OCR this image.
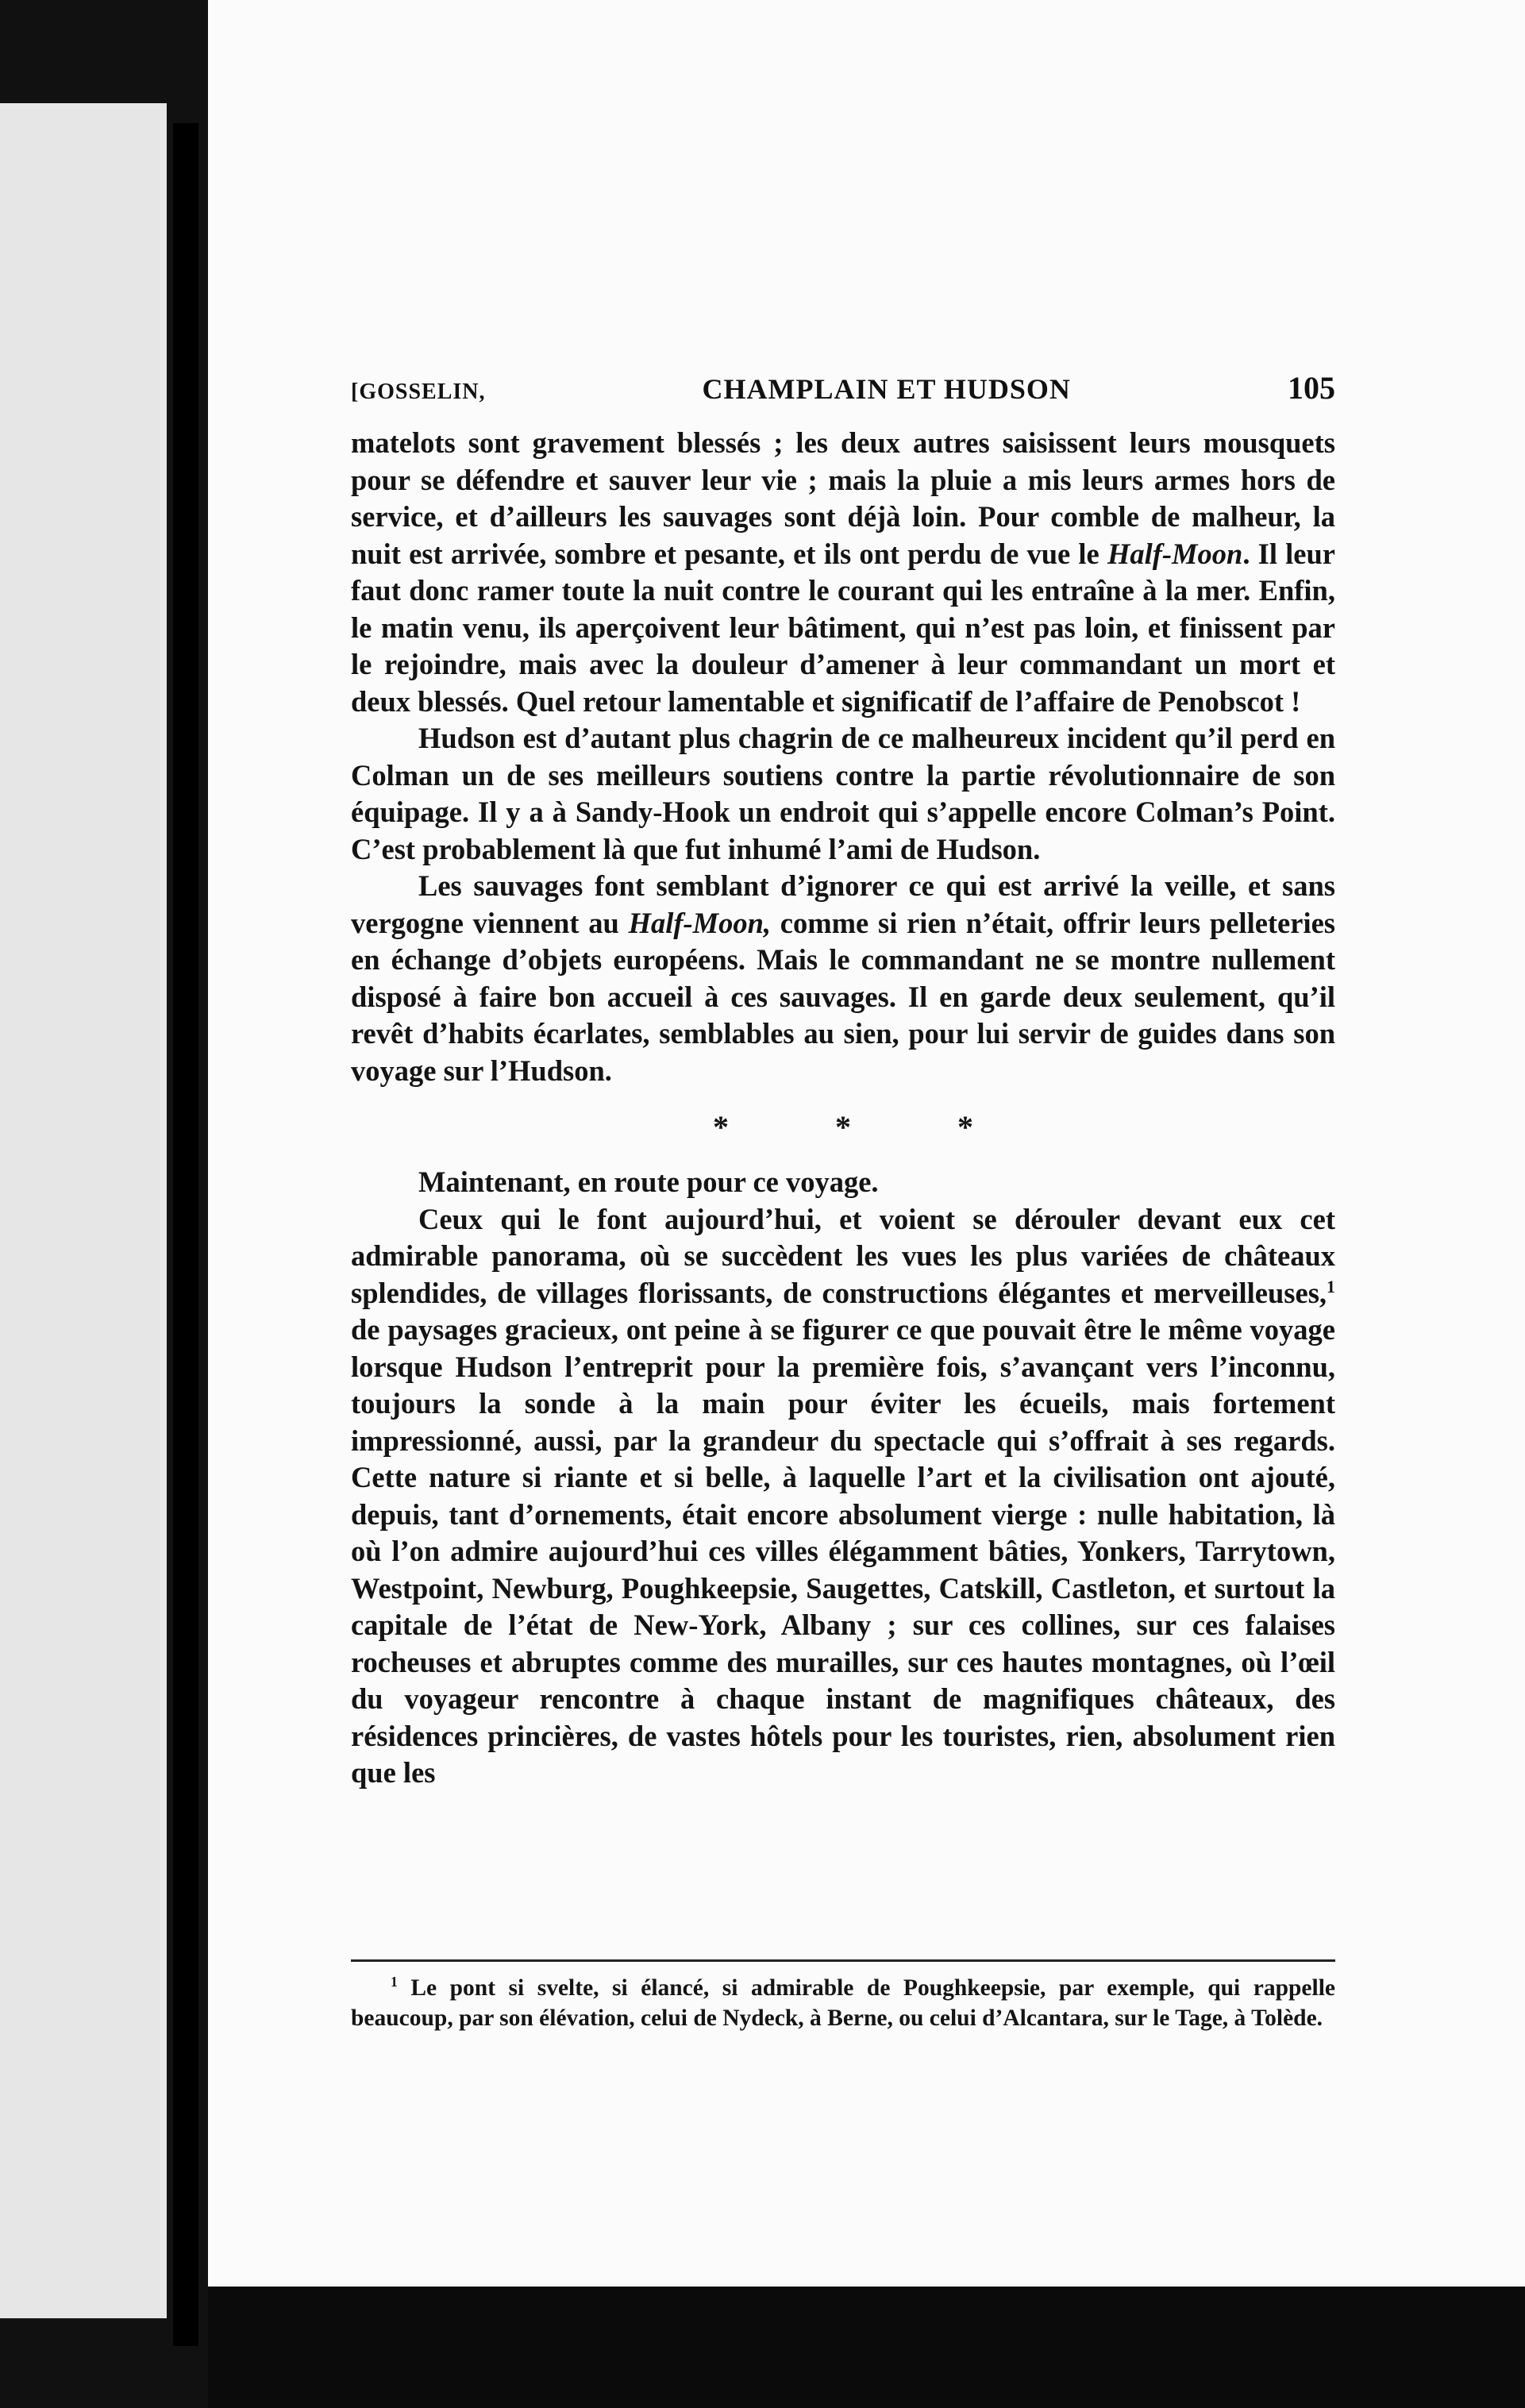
[GOSSELIN,	CHAMPLAIN ET HUDSON	105

matelots sont gravement blessés ; les deux autres saisissent leurs mousquets pour se défendre et sauver leur vie ; mais la pluie a mis leurs armes hors de service, et d’ailleurs les sauvages sont déjà loin. Pour comble de malheur, la nuit est arrivée, sombre et pesante, et ils ont perdu de vue le Half-Moon. Il leur faut donc ramer toute la nuit contre le courant qui les entraîne à la mer. Enfin, le matin venu, ils aperçoivent leur bâtiment, qui n’est pas loin, et finissent par le rejoindre, mais avec la douleur d’amener à leur commandant un mort et deux blessés. Quel retour lamentable et significatif de l’affaire de Penobscot !

Hudson est d’autant plus chagrin de ce malheureux incident qu’il perd en Colman un de ses meilleurs soutiens contre la partie révolutionnaire de son équipage. Il y a à Sandy-Hook un endroit qui s’appelle encore Colman’s Point. C’est probablement là que fut inhumé l’ami de Hudson.

Les sauvages font semblant d’ignorer ce qui est arrivé la veille, et sans vergogne viennent au Half-Moon, comme si rien n’était, offrir leurs pelleteries en échange d’objets européens. Mais le commandant ne se montre nullement disposé à faire bon accueil à ces sauvages. Il en garde deux seulement, qu’il revêt d’habits écarlates, semblables au sien, pour lui servir de guides dans son voyage sur l’Hudson.

* * *

Maintenant, en route pour ce voyage.

Ceux qui le font aujourd’hui, et voient se dérouler devant eux cet admirable panorama, où se succèdent les vues les plus variées de châteaux splendides, de villages florissants, de constructions élégantes et merveilleuses,$^1$ de paysages gracieux, ont peine à se figurer ce que pouvait être le même voyage lorsque Hudson l’entreprit pour la première fois, s’avançant vers l’inconnu, toujours la sonde à la main pour éviter les écueils, mais fortement impressionné, aussi, par la grandeur du spectacle qui s’offrait à ses regards. Cette nature si riante et si belle, à laquelle l’art et la civilisation ont ajouté, depuis, tant d’ornements, était encore absolument vierge : nulle habitation, là où l’on admire aujourd’hui ces villes élégamment bâties, Yonkers, Tarrytown, Westpoint, Newburg, Poughkeepsie, Saugettes, Catskill, Castleton, et surtout la capitale de l’état de New-York, Albany ; sur ces collines, sur ces falaises rocheuses et abruptes comme des murailles, sur ces hautes montagnes, où l’œil du voyageur rencontre à chaque instant de magnifiques châteaux, des résidences princières, de vastes hôtels pour les touristes, rien, absolument rien que les

$^1$ Le pont si svelte, si élancé, si admirable de Poughkeepsie, par exemple, qui rappelle beaucoup, par son élévation, celui de Nydeck, à Berne, ou celui d’Alcantara, sur le Tage, à Tolède.
